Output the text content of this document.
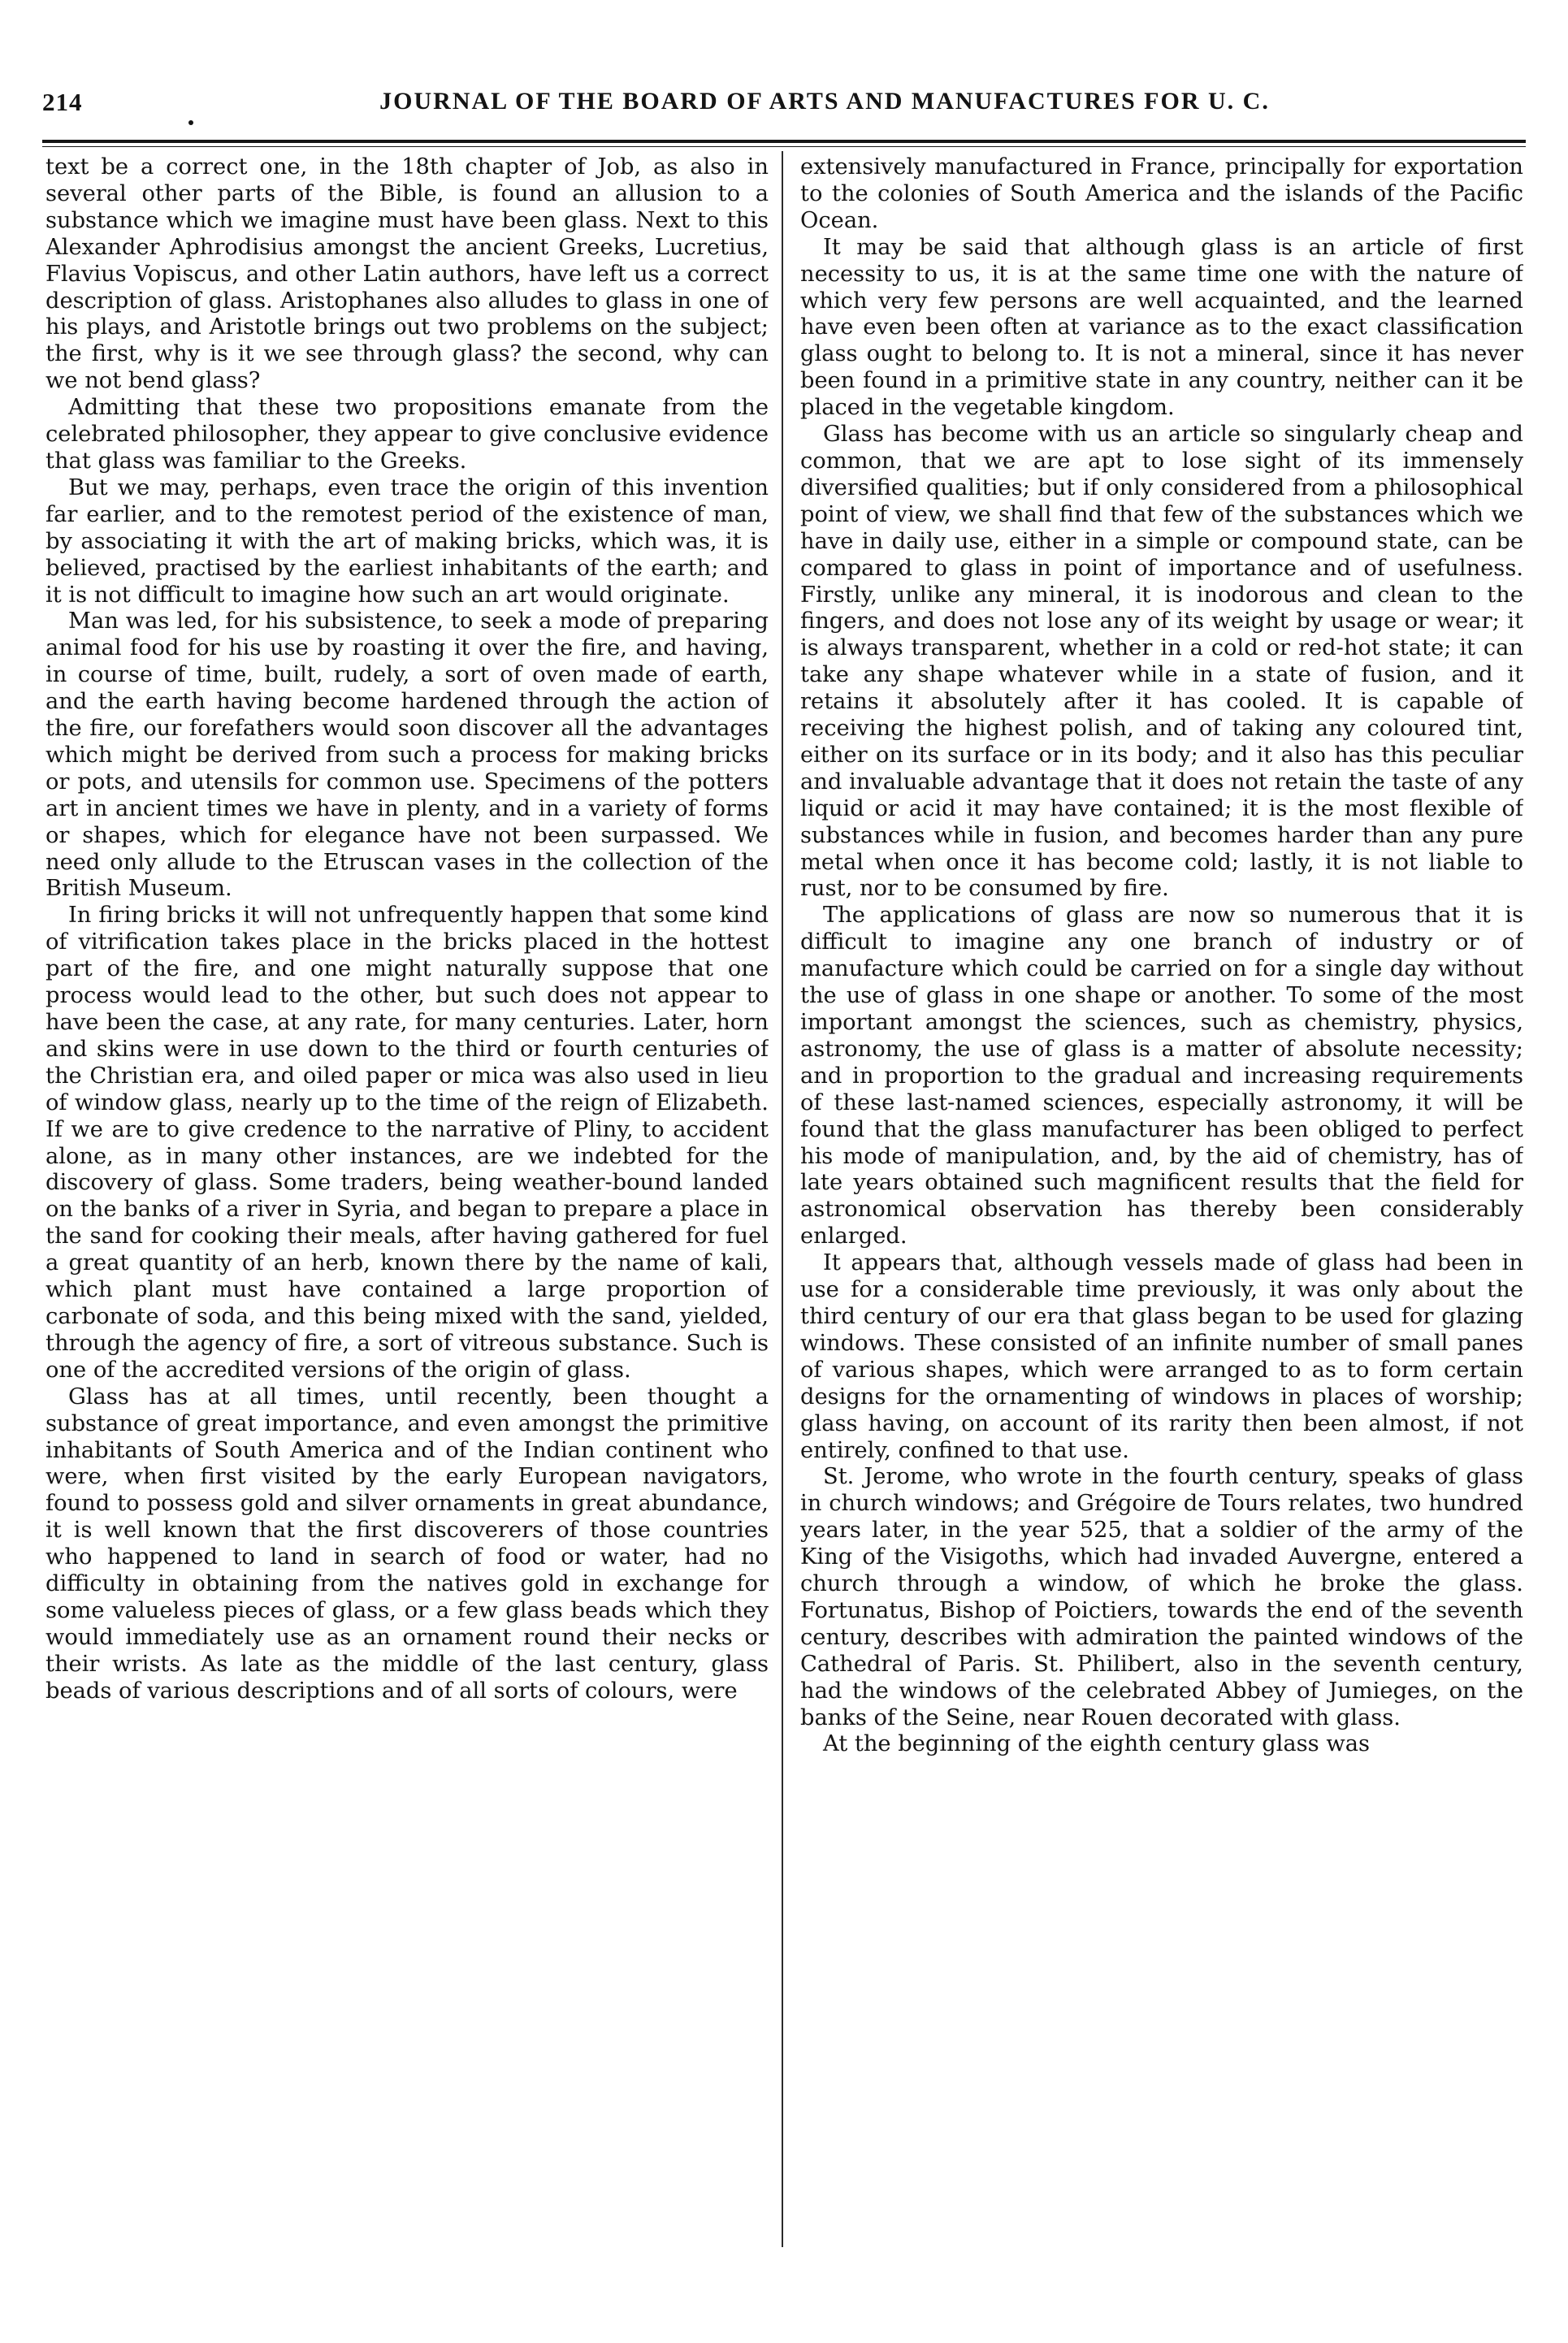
214	JOURNAL OF THE BOARD OF ARTS AND MANUFACTURES FOR U. C.

text be a correct one, in the 18th chapter of Job, as also in several other parts of the Bible, is found an allusion to a substance which we imagine must have been glass. Next to this Alexander Aphrodisius amongst the ancient Greeks, Lucretius, Flavius Vopiscus, and other Latin authors, have left us a correct description of glass. Aristophanes also alludes to glass in one of his plays, and Aristotle brings out two problems on the subject; the first, why is it we see through glass? the second, why can we not bend glass?

Admitting that these two propositions emanate from the celebrated philosopher, they appear to give conclusive evidence that glass was familiar to the Greeks.

But we may, perhaps, even trace the origin of this invention far earlier, and to the remotest period of the existence of man, by associating it with the art of making bricks, which was, it is believed, practised by the earliest inhabitants of the earth; and it is not difficult to imagine how such an art would originate.

Man was led, for his subsistence, to seek a mode of preparing animal food for his use by roasting it over the fire, and having, in course of time, built, rudely, a sort of oven made of earth, and the earth having become hardened through the action of the fire, our forefathers would soon discover all the advantages which might be derived from such a process for making bricks or pots, and utensils for common use. Specimens of the potters art in ancient times we have in plenty, and in a variety of forms or shapes, which for elegance have not been surpassed. We need only allude to the Etruscan vases in the collection of the British Museum.

In firing bricks it will not unfrequently happen that some kind of vitrification takes place in the bricks placed in the hottest part of the fire, and one might naturally suppose that one process would lead to the other, but such does not appear to have been the case, at any rate, for many centuries. Later, horn and skins were in use down to the third or fourth centuries of the Christian era, and oiled paper or mica was also used in lieu of window glass, nearly up to the time of the reign of Elizabeth. If we are to give credence to the narrative of Pliny, to accident alone, as in many other instances, are we indebted for the discovery of glass. Some traders, being weather-bound landed on the banks of a river in Syria, and began to prepare a place in the sand for cooking their meals, after having gathered for fuel a great quantity of an herb, known there by the name of kali, which plant must have contained a large proportion of carbonate of soda, and this being mixed with the sand, yielded, through the agency of fire, a sort of vitreous substance. Such is one of the accredited versions of the origin of glass.

Glass has at all times, until recently, been thought a substance of great importance, and even amongst the primitive inhabitants of South America and of the Indian continent who were, when first visited by the early European navigators, found to possess gold and silver ornaments in great abundance, it is well known that the first discoverers of those countries who happened to land in search of food or water, had no difficulty in obtaining from the natives gold in exchange for some valueless pieces of glass, or a few glass beads which they would immediately use as an ornament round their necks or their wrists. As late as the middle of the last century, glass beads of various descriptions and of all sorts of colours, were

extensively manufactured in France, principally for exportation to the colonies of South America and the islands of the Pacific Ocean.

It may be said that although glass is an article of first necessity to us, it is at the same time one with the nature of which very few persons are well acquainted, and the learned have even been often at variance as to the exact classification glass ought to belong to. It is not a mineral, since it has never been found in a primitive state in any country, neither can it be placed in the vegetable kingdom.

Glass has become with us an article so singularly cheap and common, that we are apt to lose sight of its immensely diversified qualities; but if only considered from a philosophical point of view, we shall find that few of the substances which we have in daily use, either in a simple or compound state, can be compared to glass in point of importance and of usefulness. Firstly, unlike any mineral, it is inodorous and clean to the fingers, and does not lose any of its weight by usage or wear; it is always transparent, whether in a cold or red-hot state; it can take any shape whatever while in a state of fusion, and it retains it absolutely after it has cooled. It is capable of receiving the highest polish, and of taking any coloured tint, either on its surface or in its body; and it also has this peculiar and invaluable advantage that it does not retain the taste of any liquid or acid it may have contained; it is the most flexible of substances while in fusion, and becomes harder than any pure metal when once it has become cold; lastly, it is not liable to rust, nor to be consumed by fire.

The applications of glass are now so numerous that it is difficult to imagine any one branch of industry or of manufacture which could be carried on for a single day without the use of glass in one shape or another. To some of the most important amongst the sciences, such as chemistry, physics, astronomy, the use of glass is a matter of absolute necessity; and in proportion to the gradual and increasing requirements of these last-named sciences, especially astronomy, it will be found that the glass manufacturer has been obliged to perfect his mode of manipulation, and, by the aid of chemistry, has of late years obtained such magnificent results that the field for astronomical observation has thereby been considerably enlarged.

It appears that, although vessels made of glass had been in use for a considerable time previously, it was only about the third century of our era that glass began to be used for glazing windows. These consisted of an infinite number of small panes of various shapes, which were arranged to as to form certain designs for the ornamenting of windows in places of worship; glass having, on account of its rarity then been almost, if not entirely, confined to that use.

St. Jerome, who wrote in the fourth century, speaks of glass in church windows; and Grégoire de Tours relates, two hundred years later, in the year 525, that a soldier of the army of the King of the Visigoths, which had invaded Auvergne, entered a church through a window, of which he broke the glass. Fortunatus, Bishop of Poictiers, towards the end of the seventh century, describes with admiration the painted windows of the Cathedral of Paris. St. Philibert, also in the seventh century, had the windows of the celebrated Abbey of Jumieges, on the banks of the Seine, near Rouen decorated with glass.

At the beginning of the eighth century glass was
